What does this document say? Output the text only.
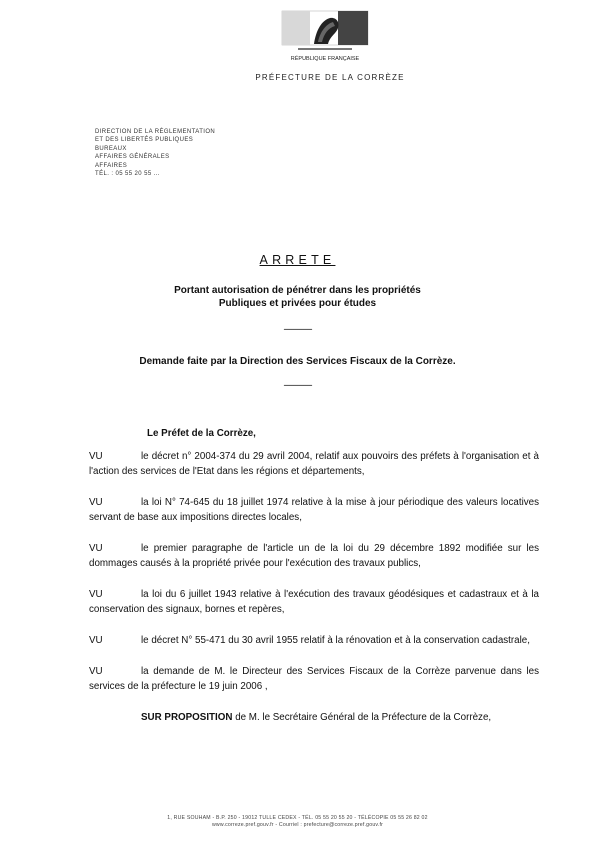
RÉPUBLIQUE FRANÇAISE
PRÉFECTURE DE LA CORRÈZE
DIRECTION DE LA RÉGLEMENTATION
ET DES LIBERTÉS PUBLIQUES
BUREAUX
AFFAIRES GÉNÉRALES
AFFAIRES
TÉL. : 05 55 20 55 ...
ARRETE
Portant autorisation de pénétrer dans les propriétés
Publiques et privées pour études
--------------
Demande faite par la Direction des Services Fiscaux de la Corrèze.
--------------
Le Préfet de la Corrèze,
VU	le décret n° 2004-374 du 29 avril 2004, relatif aux pouvoirs des préfets à l'organisation et à l'action des services de l'Etat dans les régions et départements,
VU	la loi N° 74-645 du 18 juillet 1974 relative à la mise à jour périodique des valeurs locatives servant de base aux impositions directes locales,
VU	le premier paragraphe de l'article un de la loi du 29 décembre 1892 modifiée sur les dommages causés à la propriété privée pour l'exécution des travaux publics,
VU	la loi du 6 juillet 1943 relative à l'exécution des travaux géodésiques et cadastraux et à la conservation des signaux, bornes et repères,
VU	le décret N° 55-471 du 30 avril 1955 relatif à la rénovation et à la conservation cadastrale,
VU	la demande de M. le Directeur des Services Fiscaux de la Corrèze parvenue dans les services de la préfecture le 19 juin 2006 ,
SUR PROPOSITION de M. le Secrétaire Général de la Préfecture de la Corrèze,
1, RUE SOUHAM - B.P. 250 - 19012 TULLE CEDEX - TÉL. 05 55 20 55 20 - TÉLÉCOPIE 05 55 26 82 02
www.correze.pref.gouv.fr - Courriel : prefecture@correze.pref.gouv.fr
